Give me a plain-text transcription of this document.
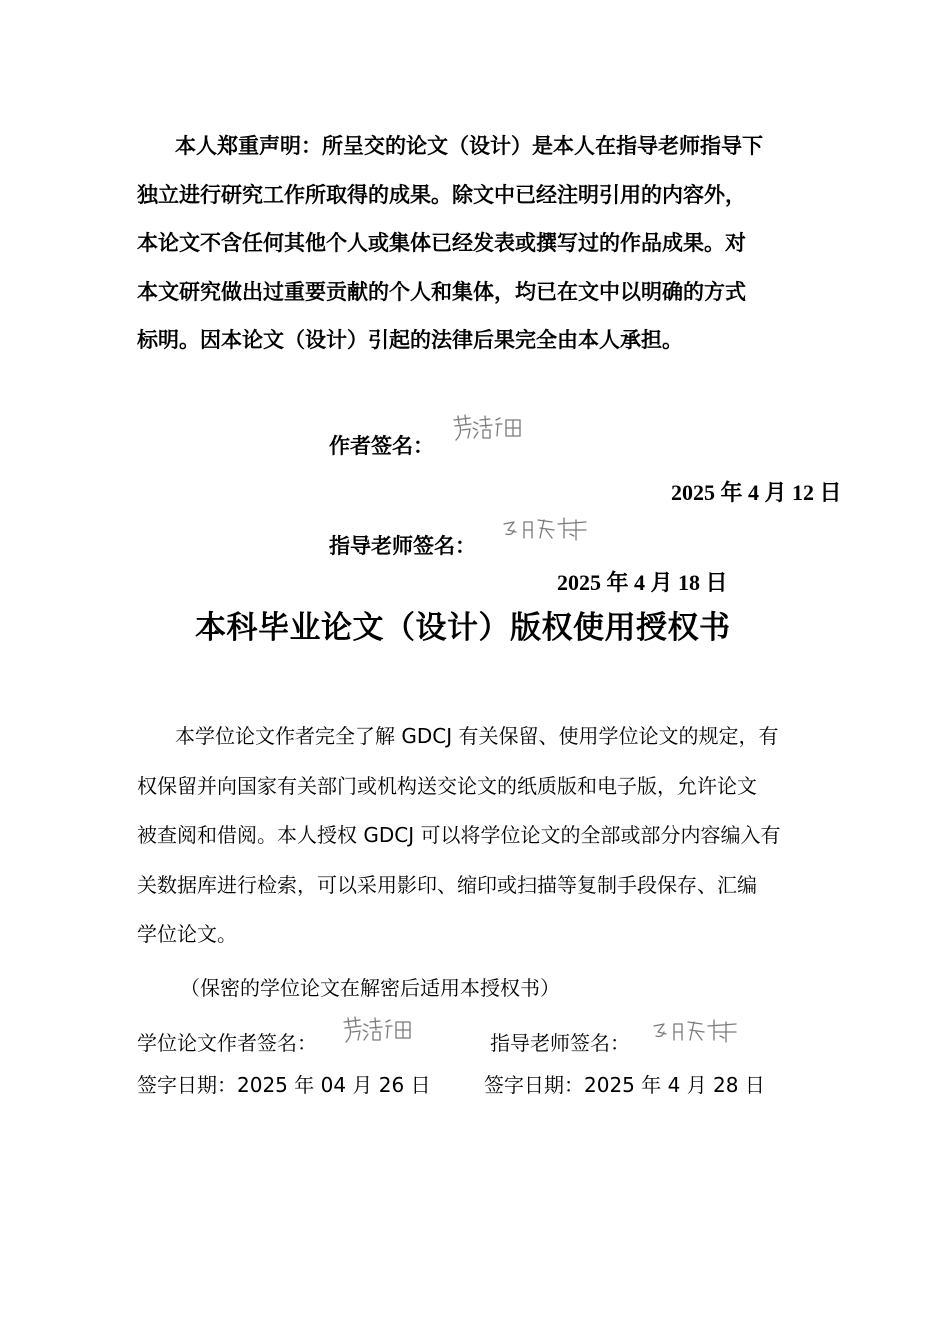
本人郑重声明：所呈交的论文（设计）是本人在指导老师指导下
独立进行研究工作所取得的成果。除文中已经注明引用的内容外，
本论文不含任何其他个人或集体已经发表或撰写过的作品成果。对
本文研究做出过重要贡献的个人和集体，均已在文中以明确的方式
标明。因本论文（设计）引起的法律后果完全由本人承担。
作者签名：
2025 年 4 月 12 日
指导老师签名：
2025 年 4 月 18 日
本科毕业论文（设计）版权使用授权书
本学位论文作者完全了解 GDCJ 有关保留、使用学位论文的规定，有
权保留并向国家有关部门或机构送交论文的纸质版和电子版，允许论文
被查阅和借阅。本人授权 GDCJ 可以将学位论文的全部或部分内容编入有
关数据库进行检索，可以采用影印、缩印或扫描等复制手段保存、汇编
学位论文。
（保密的学位论文在解密后适用本授权书）
学位论文作者签名：	指导老师签名：
签字日期：2025 年 04 月 26 日	签字日期：2025 年 4 月 28 日
